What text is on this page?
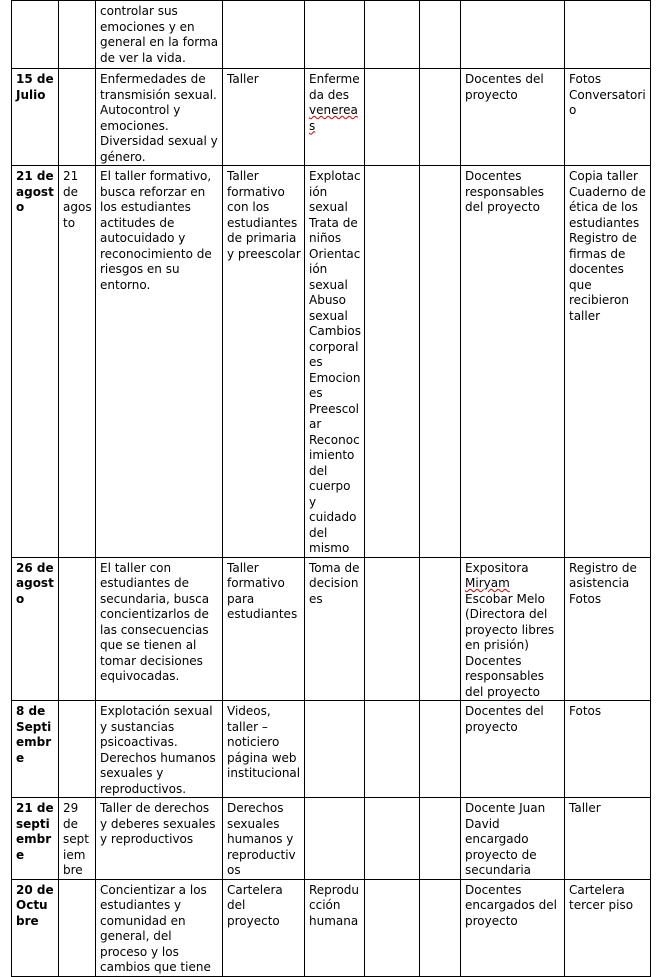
		controlar sus emociones y en general en la forma de ver la vida.						
15 de Julio		Enfermedades de transmisión sexual. Autocontrol y emociones. Diversidad sexual y género.	Taller	Enfermeda des venereas			Docentes del proyecto	Fotos Conversatorio
21 de agosto	21 de agosto	El taller formativo, busca reforzar en los estudiantes actitudes de autocuidado y reconocimiento de riesgos en su entorno.	Taller formativo con los estudiantes de primaria y preescolar	Explotación sexual Trata de niños Orientación sexual Abuso sexual Cambios corporales Emociones Preescolar Reconocimiento del cuerpo y cuidado del mismo			Docentes responsables del proyecto	Copia taller Cuaderno de ética de los estudiantes Registro de firmas de docentes que recibieron taller
26 de agosto		El taller con estudiantes de secundaria, busca concientizarlos de las consecuencias que se tienen al tomar decisiones equivocadas.	Taller formativo para estudiantes	Toma de decisiones			Expositora Miryam Escobar Melo (Directora del proyecto libres en prisión) Docentes responsables del proyecto	Registro de asistencia Fotos
8 de Septiembre		Explotación sexual y sustancias psicoactivas. Derechos humanos sexuales y reproductivos.	Videos, taller – noticiero página web institucional				Docentes del proyecto	Fotos
21 de septiembre	29 de septiembre	Taller de derechos y deberes sexuales y reproductivos	Derechos sexuales humanos y reproductivos				Docente Juan David encargado proyecto de secundaria	Taller
20 de Octubre		Concientizar a los estudiantes y comunidad en general, del proceso y los cambios que tiene	Cartelera del proyecto	Reproducción humana			Docentes encargados del proyecto	Cartelera tercer piso
